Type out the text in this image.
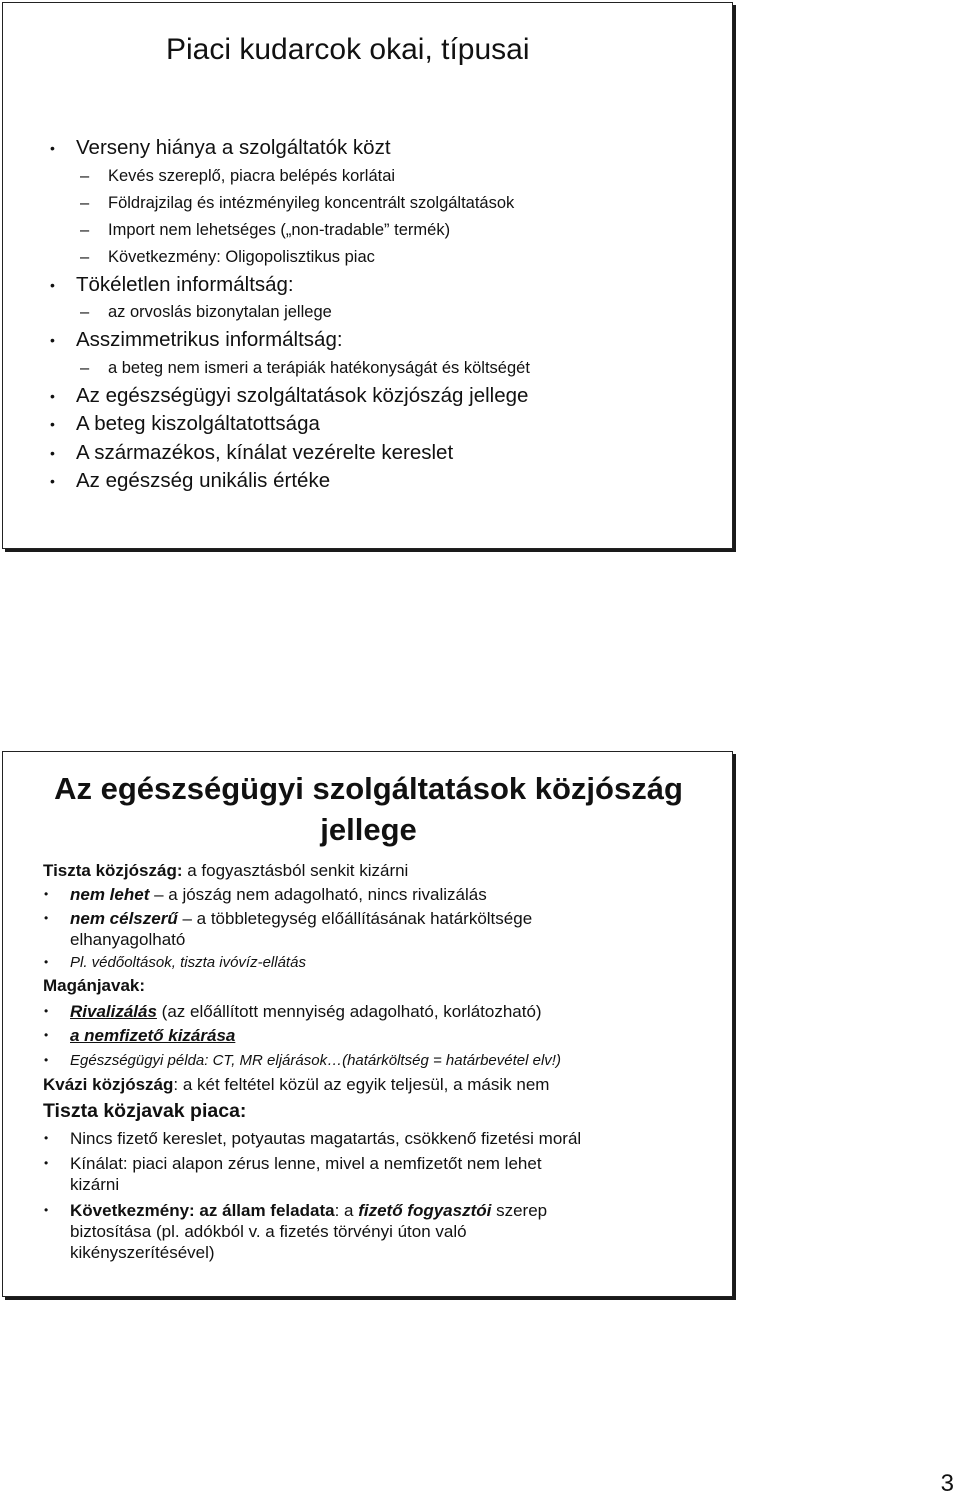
Piaci kudarcok okai, típusai
• Verseny hiánya a szolgáltatók közt
– Kevés szereplő, piacra belépés korlátai
– Földrajzilag és intézményileg koncentrált szolgáltatások
– Import nem lehetséges („non-tradable” termék)
– Következmény: Oligopolisztikus piac
• Tökéletlen informáltság:
– az orvoslás bizonytalan jellege
• Asszimmetrikus informáltság:
– a beteg nem ismeri a terápiák hatékonyságát és költségét
• Az egészségügyi szolgáltatások közjószág jellege
• A beteg kiszolgáltatottsága
• A származékos, kínálat vezérelte kereslet
• Az egészség unikális értéke
Az egészségügyi szolgáltatások közjószág
jellege
Tiszta közjószág: a fogyasztásból senkit kizárni
• nem lehet – a jószág nem adagolható, nincs rivalizálás
• nem célszerű – a többletegység előállításának határköltsége
elhanyagolható
• Pl. védőoltások, tiszta ivóvíz-ellátás
Magánjavak:
• Rivalizálás (az előállított mennyiség adagolható, korlátozható)
• a nemfizető kizárása
• Egészségügyi példa: CT, MR eljárások…(határköltség = határbevétel elv!)
Kvázi közjószág: a két feltétel közül az egyik teljesül, a másik nem
Tiszta közjavak piaca:
• Nincs fizető kereslet, potyautas magatartás, csökkenő fizetési morál
• Kínálat: piaci alapon zérus lenne, mivel a nemfizetőt nem lehet
kizárni
• Következmény: az állam feladata: a fizető fogyasztói szerep
biztosítása (pl. adókból v. a fizetés törvényi úton való
kikényszerítésével)
3
